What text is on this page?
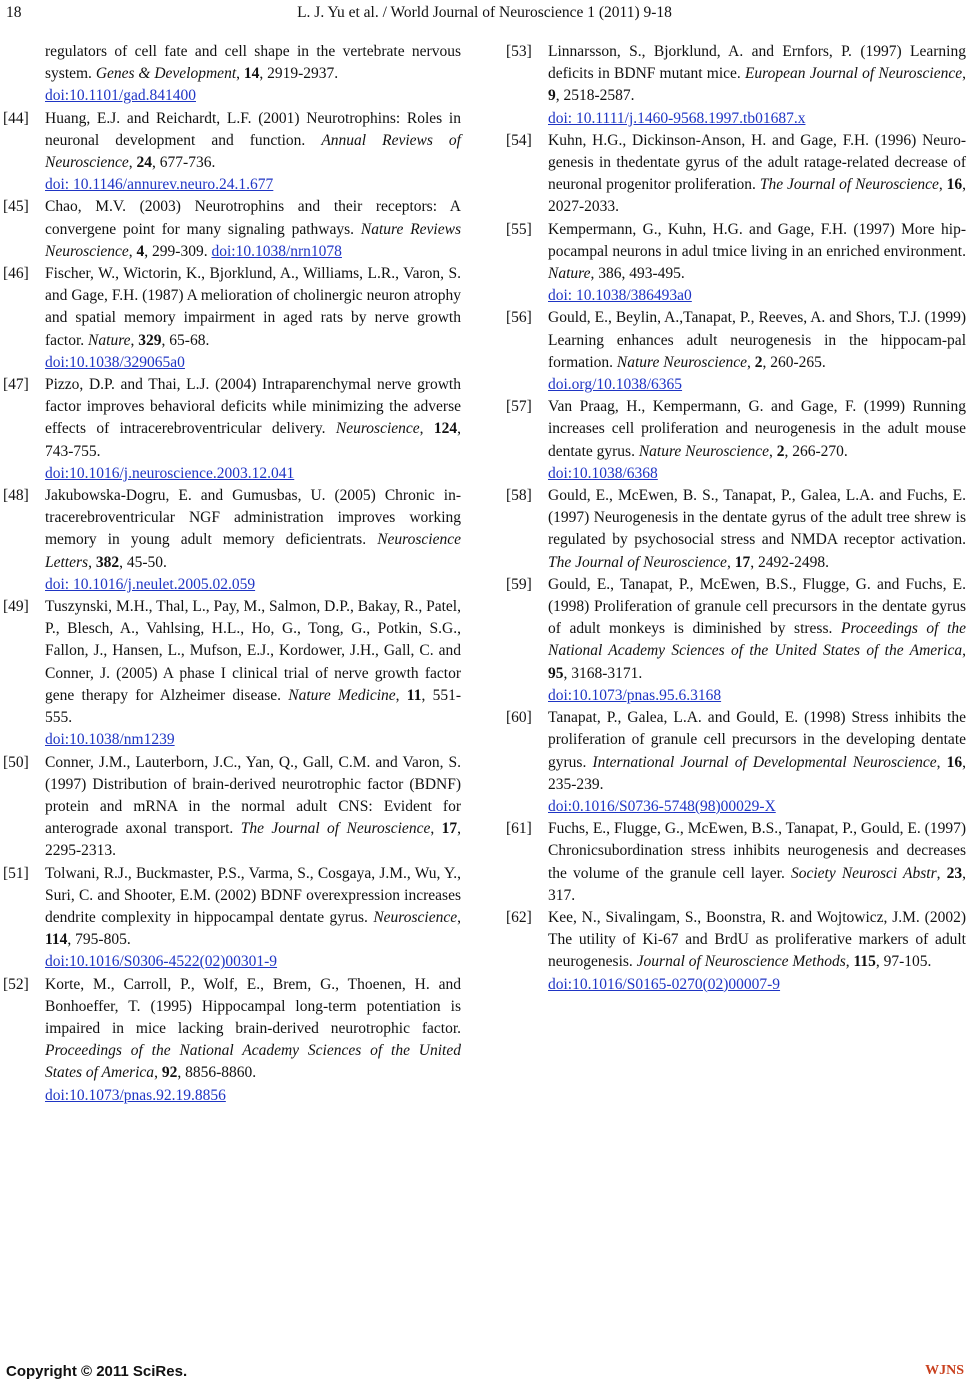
18	L. J. Yu et al. / World Journal of Neuroscience 1 (2011) 9-18
regulators of cell fate and cell shape in the vertebrate nervous system. Genes & Development, 14, 2919-2937.
doi:10.1101/gad.841400
[44] Huang, E.J. and Reichardt, L.F. (2001) Neurotrophins: Roles in neuronal development and function. Annual Reviews of Neuroscience, 24, 677-736.
doi: 10.1146/annurev.neuro.24.1.677
[45] Chao, M.V. (2003) Neurotrophins and their receptors: A convergene point for many signaling pathways. Nature Reviews Neuroscience, 4, 299-309. doi:10.1038/nrn1078
[46] Fischer, W., Wictorin, K., Bjorklund, A., Williams, L.R., Varon, S. and Gage, F.H. (1987) A melioration of cholinergic neuron atrophy and spatial memory impairment in aged rats by nerve growth factor. Nature, 329, 65-68.
doi:10.1038/329065a0
[47] Pizzo, D.P. and Thai, L.J. (2004) Intraparenchymal nerve growth factor improves behavioral deficits while minimizing the adverse effects of intracerebroventricular delivery. Neuroscience, 124, 743-755.
doi:10.1016/j.neuroscience.2003.12.041
[48] Jakubowska-Dogru, E. and Gumusbas, U. (2005) Chronic in-tracerebroventricular NGF administration improves working memory in young adult memory deficientrats. Neuroscience Letters, 382, 45-50.
doi: 10.1016/j.neulet.2005.02.059
[49] Tuszynski, M.H., Thal, L., Pay, M., Salmon, D.P., Bakay, R., Patel, P., Blesch, A., Vahlsing, H.L., Ho, G., Tong, G., Potkin, S.G., Fallon, J., Hansen, L., Mufson, E.J., Kordower, J.H., Gall, C. and Conner, J. (2005) A phase I clinical trial of nerve growth factor gene therapy for Alzheimer disease. Nature Medicine, 11, 551-555.
doi:10.1038/nm1239
[50] Conner, J.M., Lauterborn, J.C., Yan, Q., Gall, C.M. and Varon, S. (1997) Distribution of brain-derived neurotrophic factor (BDNF) protein and mRNA in the normal adult CNS: Evident for anterograde axonal transport. The Journal of Neuroscience, 17, 2295-2313.
[51] Tolwani, R.J., Buckmaster, P.S., Varma, S., Cosgaya, J.M., Wu, Y., Suri, C. and Shooter, E.M. (2002) BDNF overexpression increases dendrite complexity in hippocampal dentate gyrus. Neuroscience, 114, 795-805.
doi:10.1016/S0306-4522(02)00301-9
[52] Korte, M., Carroll, P., Wolf, E., Brem, G., Thoenen, H. and Bonhoeffer, T. (1995) Hippocampal long-term potentiation is impaired in mice lacking brain-derived neurotrophic factor. Proceedings of the National Academy Sciences of the United States of America, 92, 8856-8860.
doi:10.1073/pnas.92.19.8856
[53] Linnarsson, S., Bjorklund, A. and Ernfors, P. (1997) Learning deficits in BDNF mutant mice. European Journal of Neuroscience, 9, 2518-2587.
doi: 10.1111/j.1460-9568.1997.tb01687.x
[54] Kuhn, H.G., Dickinson-Anson, H. and Gage, F.H. (1996) Neuro-genesis in thedentate gyrus of the adult ratage-related decrease of neuronal progenitor proliferation. The Journal of Neuroscience, 16, 2027-2033.
[55] Kempermann, G., Kuhn, H.G. and Gage, F.H. (1997) More hip-pocampal neurons in adul tmice living in an enriched environment. Nature, 386, 493-495.
doi: 10.1038/386493a0
[56] Gould, E., Beylin, A.,Tanapat, P., Reeves, A. and Shors, T.J. (1999) Learning enhances adult neurogenesis in the hippocam-pal formation. Nature Neuroscience, 2, 260-265.
doi.org/10.1038/6365
[57] Van Praag, H., Kempermann, G. and Gage, F. (1999) Running increases cell proliferation and neurogenesis in the adult mouse dentate gyrus. Nature Neuroscience, 2, 266-270.
doi:10.1038/6368
[58] Gould, E., McEwen, B. S., Tanapat, P., Galea, L.A. and Fuchs, E. (1997) Neurogenesis in the dentate gyrus of the adult tree shrew is regulated by psychosocial stress and NMDA receptor activation. The Journal of Neuroscience, 17, 2492-2498.
[59] Gould, E., Tanapat, P., McEwen, B.S., Flugge, G. and Fuchs, E. (1998) Proliferation of granule cell precursors in the dentate gyrus of adult monkeys is diminished by stress. Proceedings of the National Academy Sciences of the United States of the America, 95, 3168-3171.
doi:10.1073/pnas.95.6.3168
[60] Tanapat, P., Galea, L.A. and Gould, E. (1998) Stress inhibits the proliferation of granule cell precursors in the developing dentate gyrus. International Journal of Developmental Neuroscience, 16, 235-239.
doi:0.1016/S0736-5748(98)00029-X
[61] Fuchs, E., Flugge, G., McEwen, B.S., Tanapat, P., Gould, E. (1997) Chronicsubordination stress inhibits neurogenesis and decreases the volume of the granule cell layer. Society Neurosci Abstr, 23, 317.
[62] Kee, N., Sivalingam, S., Boonstra, R. and Wojtowicz, J.M. (2002) The utility of Ki-67 and BrdU as proliferative markers of adult neurogenesis. Journal of Neuroscience Methods, 115, 97-105.
doi:10.1016/S0165-0270(02)00007-9
Copyright © 2011 SciRes.	WJNS
